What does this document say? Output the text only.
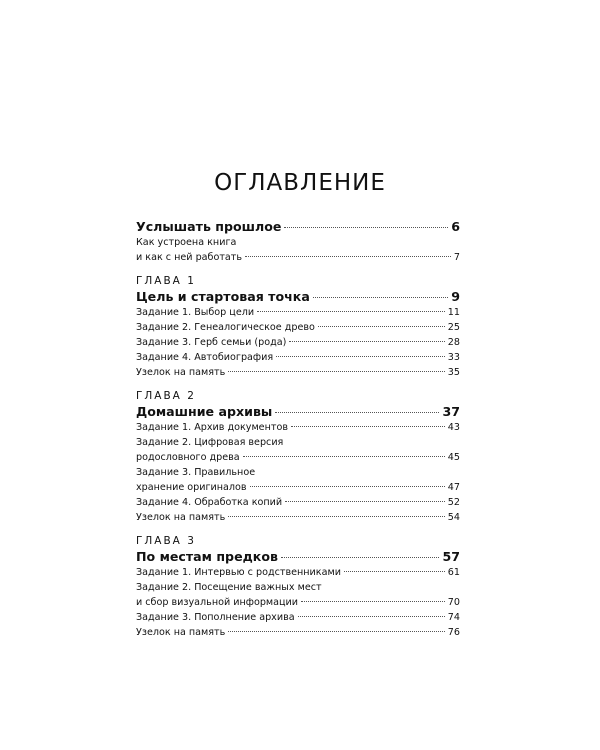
ОГЛАВЛЕНИЕ
Услышать прошлое	6
Как устроена книга
и как с ней работать	7
ГЛАВА 1
Цель и стартовая точка	9
Задание 1. Выбор цели	11
Задание 2. Генеалогическое древо	25
Задание 3. Герб семьи (рода)	28
Задание 4. Автобиография	33
Узелок на память	35
ГЛАВА 2
Домашние архивы	37
Задание 1. Архив документов	43
Задание 2. Цифровая версия
родословного древа	45
Задание 3. Правильное
хранение оригиналов	47
Задание 4. Обработка копий	52
Узелок на память	54
ГЛАВА 3
По местам предков	57
Задание 1. Интервью с родственниками	61
Задание 2. Посещение важных мест
и сбор визуальной информации	70
Задание 3. Пополнение архива	74
Узелок на память	76
